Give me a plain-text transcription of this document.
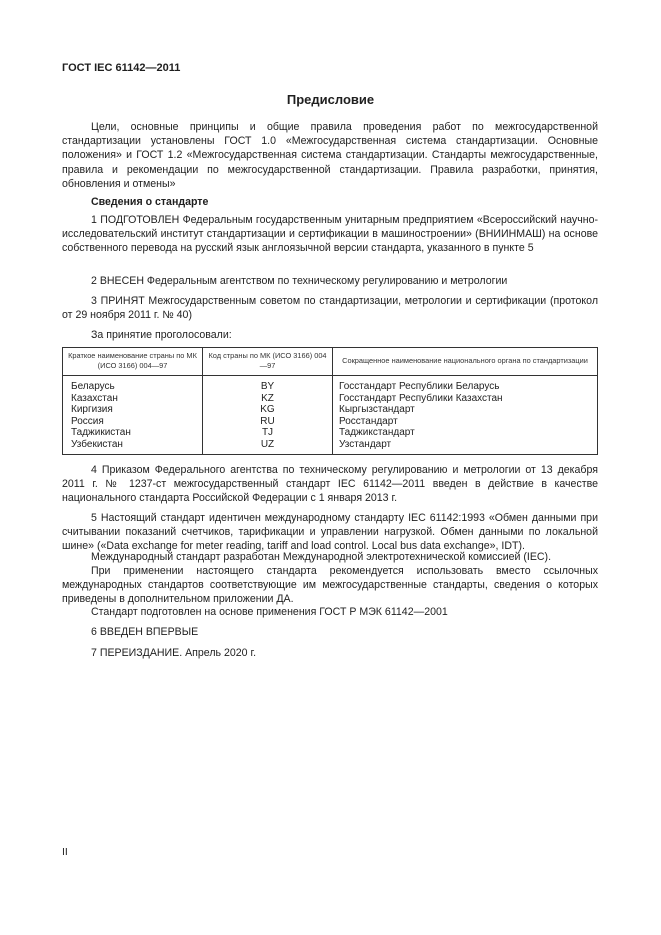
ГОСТ IEC 61142—2011
Предисловие

Цели, основные принципы и общие правила проведения работ по межгосударственной стандартизации установлены ГОСТ 1.0 «Межгосударственная система стандартизации. Основные положения» и ГОСТ 1.2 «Межгосударственная система стандартизации. Стандарты межгосударственные, правила и рекомендации по межгосударственной стандартизации. Правила разработки, принятия, обновления и отмены»

Сведения о стандарте

1 ПОДГОТОВЛЕН Федеральным государственным унитарным предприятием «Всероссийский научно-исследовательский институт стандартизации и сертификации в машиностроении» (ВНИИНМАШ) на основе собственного перевода на русский язык англоязычной версии стандарта, указанного в пункте 5

2 ВНЕСЕН Федеральным агентством по техническому регулированию и метрологии

3 ПРИНЯТ Межгосударственным советом по стандартизации, метрологии и сертификации (протокол от 29 ноября 2011 г. № 40)

За принятие проголосовали:

Краткое наименование страны по МК (ИСО 3166) 004—97	Код страны по МК (ИСО 3166) 004—97	Сокращенное наименование национального органа по стандартизации
Беларусь	BY	Госстандарт Республики Беларусь
Казахстан	KZ	Госстандарт Республики Казахстан
Киргизия	KG	Кыргызстандарт
Россия	RU	Росстандарт
Таджикистан	TJ	Таджикстандарт
Узбекистан	UZ	Узстандарт

4 Приказом Федерального агентства по техническому регулированию и метрологии от 13 декабря 2011 г. № 1237-ст межгосударственный стандарт IEC 61142—2011 введен в действие в качестве национального стандарта Российской Федерации с 1 января 2013 г.

5 Настоящий стандарт идентичен международному стандарту IEC 61142:1993 «Обмен данными при считывании показаний счетчиков, тарификации и управлении нагрузкой. Обмен данными по локальной шине» («Data exchange for meter reading, tariff and load control. Local bus data exchange», IDT).

Международный стандарт разработан Международной электротехнической комиссией (IEC).

При применении настоящего стандарта рекомендуется использовать вместо ссылочных международных стандартов соответствующие им межгосударственные стандарты, сведения о которых приведены в дополнительном приложении ДА.

Стандарт подготовлен на основе применения ГОСТ Р МЭК 61142—2001

6 ВВЕДЕН ВПЕРВЫЕ

7 ПЕРЕИЗДАНИЕ. Апрель 2020 г.

II
